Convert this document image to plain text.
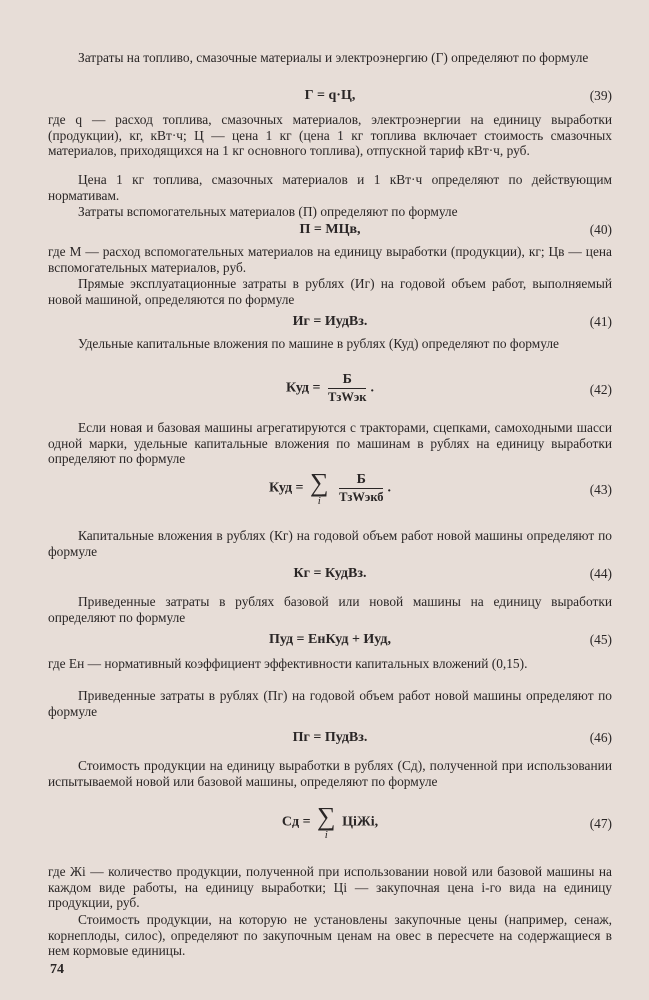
Затраты на топливо, смазочные материалы и электроэнергию (Г) определяют по формуле
Г = q·Ц,	(39)
где q — расход топлива, смазочных материалов, электроэнергии на единицу выработки (продукции), кг, кВт·ч; Ц — цена 1 кг (цена 1 кг топлива включает стоимость смазочных материалов, приходящихся на 1 кг основного топлива), отпускной тариф кВт·ч, руб.
Цена 1 кг топлива, смазочных материалов и 1 кВт·ч определяют по действующим нормативам.
Затраты вспомогательных материалов (П) определяют по формуле
П = МЦв,	(40)
где М — расход вспомогательных материалов на единицу выработки (продукции), кг; Цв — цена вспомогательных материалов, руб.
Прямые эксплуатационные затраты в рублях (Иг) на годовой объем работ, выполняемый новой машиной, определяются по формуле
Иг = ИудВз.	(41)
Удельные капитальные вложения по машине в рублях (Куд) определяют по формуле
Куд = $\frac{Б}{\text{ТзWэк}}$ .	(42)
Если новая и базовая машины агрегатируются с тракторами, сцепками, самоходными шасси одной марки, удельные капитальные вложения по машинам в рублях на единицу выработки определяют по формуле
Куд = ∑
i
	$\frac{Б}{\text{ТзWэкб}}$ .	(43)
Капитальные вложения в рублях (Кг) на годовой объем работ новой машины определяют по формуле
Кг = КудВз.	(44)
Приведенные затраты в рублях базовой или новой машины на единицу выработки определяют по формуле
Пуд = ЕнКуд + Иуд,	(45)
где Ен — нормативный коэффициент эффективности капитальных вложений (0,15).
Приведенные затраты в рублях (Пг) на годовой объем работ новой машины определяют по формуле
Пг = ПудВз.	(46)
Стоимость продукции на единицу выработки в рублях (Сд), полученной при использовании испытываемой новой или базовой машины, определяют по формуле
Сд = ∑
i
ЦiЖi,	(47)
где Жi — количество продукции, полученной при использовании новой или базовой машины на каждом виде работы, на единицу выработки; Цi — закупочная цена i-го вида на единицу продукции, руб.
Стоимость продукции, на которую не установлены закупочные цены (например, сенаж, корнеплоды, силос), определяют по закупочным ценам на овес в пересчете на содержащиеся в нем кормовые единицы.
74
